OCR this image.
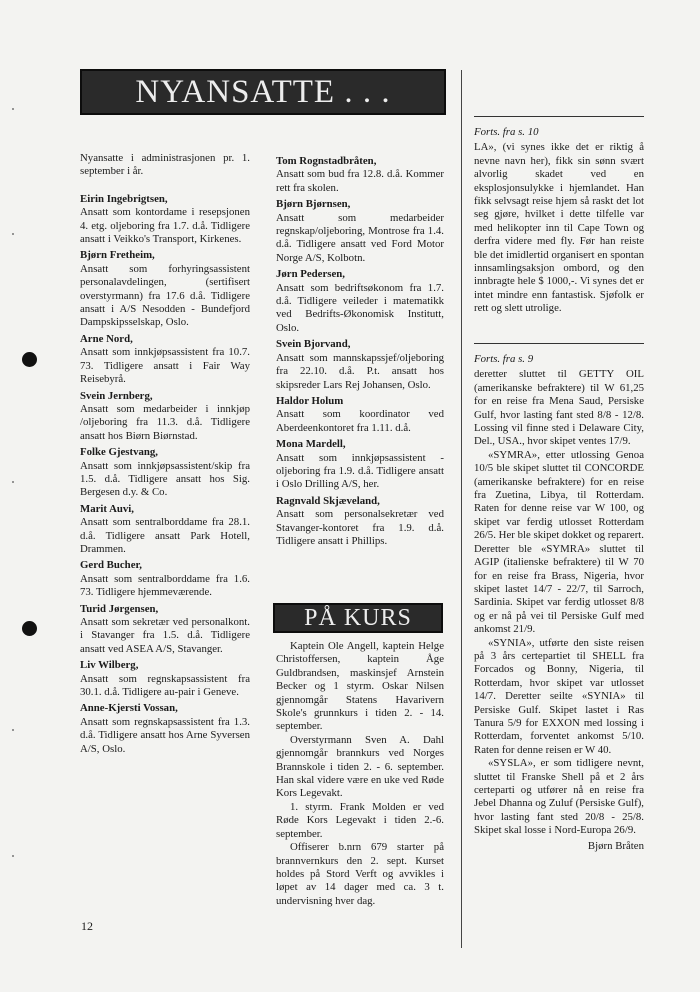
NYANSATTE . . .

Nyansatte i administrasjonen pr. 1. september i år.

Eirin Ingebrigtsen,

Ansatt som kontordame i resepsjonen 4. etg. oljeboring fra 1.7. d.å. Tidligere ansatt i Veikko's Transport, Kirkenes.

Bjørn Fretheim,

Ansatt som forhyringsassistent personalavdelingen, (sertifisert overstyrmann) fra 17.6 d.å. Tidligere ansatt i A/S Nesodden - Bundefjord Dampskipsselskap, Oslo.

Arne Nord,

Ansatt som innkjøpsassistent fra 10.7. 73. Tidligere ansatt i Fair Way Reisebyrå.

Svein Jernberg,

Ansatt som medarbeider i innkjøp /oljeboring fra 11.3. d.å. Tidligere ansatt hos Biørn Biørnstad.

Folke Gjestvang,

Ansatt som innkjøpsassistent/skip fra 1.5. d.å. Tidligere ansatt hos Sig. Bergesen d.y. & Co.

Marit Auvi,

Ansatt som sentralborddame fra 28.1. d.å. Tidligere ansatt Park Hotell, Drammen.

Gerd Bucher,

Ansatt som sentralborddame fra 1.6. 73. Tidligere hjemmeværende.

Turid Jørgensen,

Ansatt som sekretær ved personalkont. i Stavanger fra 1.5. d.å. Tidligere ansatt ved ASEA A/S, Stavanger.

Liv Wilberg,

Ansatt som regnskapsassistent fra 30.1. d.å. Tidligere au-pair i Geneve.

Anne-Kjersti Vossan,

Ansatt som regnskapsassistent fra 1.3. d.å. Tidligere ansatt hos Arne Syversen A/S, Oslo.

Tom Rognstadbråten,

Ansatt som bud fra 12.8. d.å. Kommer rett fra skolen.

Bjørn Bjørnsen,

Ansatt som medarbeider regnskap/oljeboring, Montrose fra 1.4. d.å. Tidligere ansatt ved Ford Motor Norge A/S, Kolbotn.

Jørn Pedersen,

Ansatt som bedriftsøkonom fra 1.7. d.å. Tidligere veileder i matematikk ved Bedrifts-Økonomisk Institutt, Oslo.

Svein Bjorvand,

Ansatt som mannskapssjef/oljeboring fra 22.10. d.å. P.t. ansatt hos skipsreder Lars Rej Johansen, Oslo.

Haldor Holum

Ansatt som koordinator ved Aberdeenkontoret fra 1.11. d.å.

Mona Mardell,

Ansatt som innkjøpsassistent - oljeboring fra 1.9. d.å. Tidligere ansatt i Oslo Drilling A/S, her.

Ragnvald Skjæveland,

Ansatt som personalsekretær ved Stavanger-kontoret fra 1.9. d.å. Tidligere ansatt i Phillips.

PÅ KURS

Kaptein Ole Angell, kaptein Helge Christoffersen, kaptein Åge Guldbrandsen, maskinsjef Arnstein Becker og 1 styrm. Oskar Nilsen gjennomgår Statens Havarivern Skole's grunnkurs i tiden 2. - 14. september.

Overstyrmann Sven A. Dahl gjennomgår brannkurs ved Norges Brannskole i tiden 2. - 6. september. Han skal videre være en uke ved Røde Kors Legevakt.

1. styrm. Frank Molden er ved Røde Kors Legevakt i tiden 2.-6. september.

Offiserer b.nrn 679 starter på brannvernkurs den 2. sept. Kurset holdes på Stord Verft og avvikles i løpet av 14 dager med ca. 3 t. undervisning hver dag.

Forts. fra s. 10

LA», (vi synes ikke det er riktig å nevne navn her), fikk sin sønn svært alvorlig skadet ved en eksplosjonsulykke i hjemlandet. Han fikk selvsagt reise hjem så raskt det lot seg gjøre, hvilket i dette tilfelle var med helikopter inn til Cape Town og derfra videre med fly. Før han reiste ble det imidlertid organisert en spontan innsamlingsaksjon ombord, og den innbragte hele $ 1000,-. Vi synes det er intet mindre enn fantastisk. Sjøfolk er rett og slett utrolige.

Forts. fra s. 9

deretter sluttet til GETTY OIL (amerikanske befraktere) til W 61,25 for en reise fra Mena Saud, Persiske Gulf, hvor lasting fant sted 8/8 - 12/8. Lossing vil finne sted i Delaware City, Del., USA., hvor skipet ventes 17/9.

«SYMRA», etter utlossing Genoa 10/5 ble skipet sluttet til CONCORDE (amerikanske befraktere) for en reise fra Zuetina, Libya, til Rotterdam. Raten for denne reise var W 100, og skipet var ferdig utlosset Rotterdam 26/5. Her ble skipet dokket og reparert. Deretter ble «SYMRA» sluttet til AGIP (italienske befraktere) til W 70 for en reise fra Brass, Nigeria, hvor skipet lastet 14/7 - 22/7, til Sarroch, Sardinia. Skipet var ferdig utlosset 8/8 og er nå på vei til Persiske Gulf med ankomst 21/9.

«SYNIA», utførte den siste reisen på 3 års certepartiet til SHELL fra Forcados og Bonny, Nigeria, til Rotterdam, hvor skipet var utlosset 14/7. Deretter seilte «SYNIA» til Persiske Gulf. Skipet lastet i Ras Tanura 5/9 for EXXON med lossing i Rotterdam, forventet ankomst 5/10. Raten for denne reisen er W 40.

«SYSLA», er som tidligere nevnt, sluttet til Franske Shell på et 2 års certeparti og utfører nå en reise fra Jebel Dhanna og Zuluf (Persiske Gulf), hvor lasting fant sted 20/8 - 25/8. Skipet skal losse i Nord-Europa 26/9.

Bjørn Bråten

12
